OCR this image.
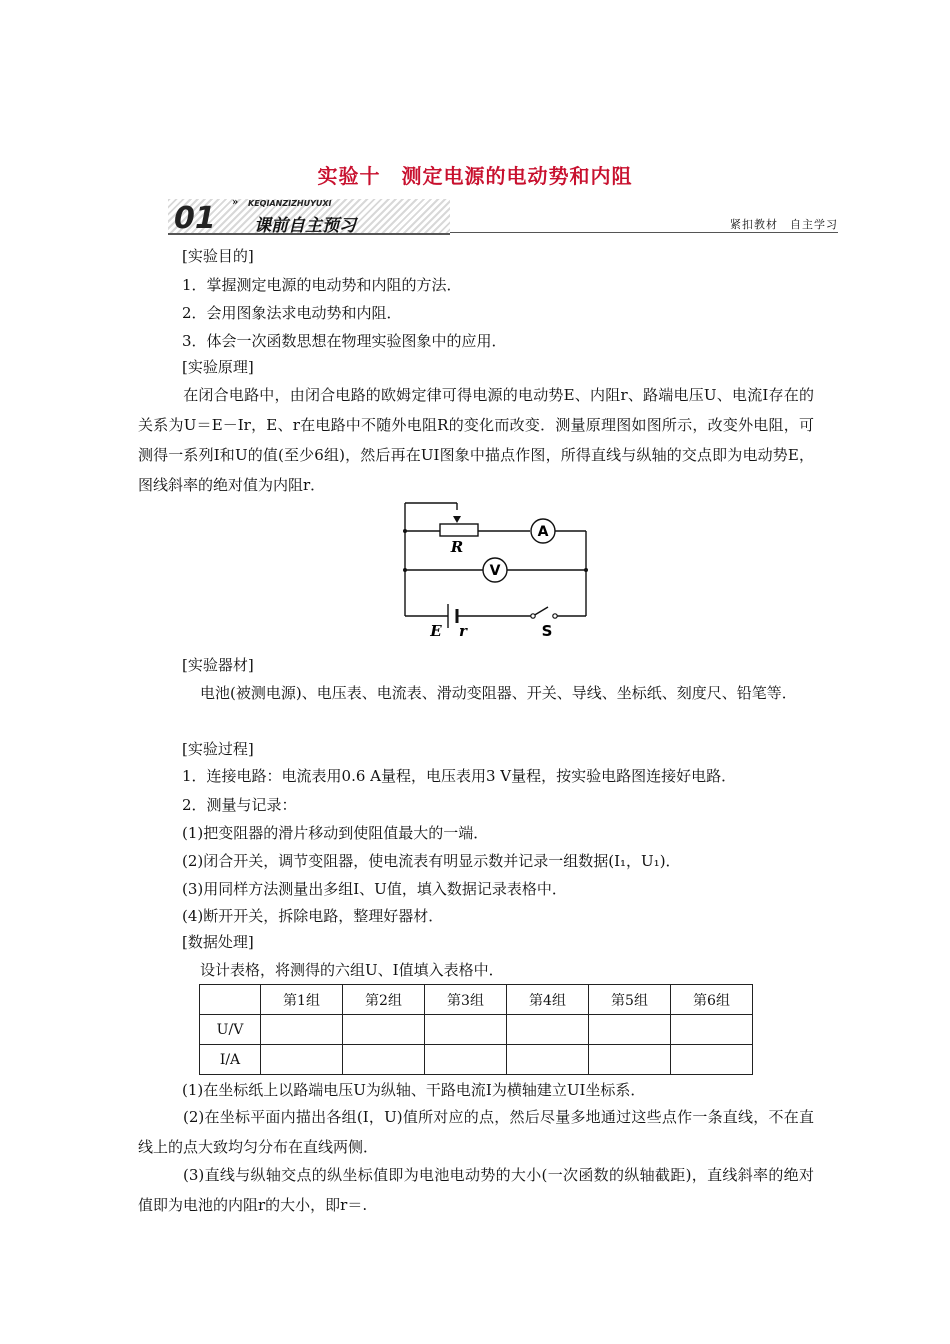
实验十　测定电源的电动势和内阻
01 » KEQIANZIZHUYUXI
课前自主预习	紧扣教材　自主学习
[实验目的]
1．掌握测定电源的电动势和内阻的方法．
2．会用图象法求电动势和内阻．
3．体会一次函数思想在物理实验图象中的应用．
[实验原理]
在闭合电路中，由闭合电路的欧姆定律可得电源的电动势E、内阻r、路端电压U、电流I存在的关系为U＝E－Ir，E、r在电路中不随外电阻R的变化而改变．测量原理图如图所示，改变外电阻，可测得一系列I和U的值(至少6组)，然后再在UI图象中描点作图，所得直线与纵轴的交点即为电动势E，图线斜率的绝对值为内阻r．
A
V
R
E r	S
[实验器材]
电池(被测电源)、电压表、电流表、滑动变阻器、开关、导线、坐标纸、刻度尺、铅笔等．
[实验过程]
1．连接电路：电流表用0.6 A量程，电压表用3 V量程，按实验电路图连接好电路．
2．测量与记录：
(1)把变阻器的滑片移动到使阻值最大的一端．
(2)闭合开关，调节变阻器，使电流表有明显示数并记录一组数据(I₁，U₁)．
(3)用同样方法测量出多组I、U值，填入数据记录表格中．
(4)断开开关，拆除电路，整理好器材．
[数据处理]
设计表格，将测得的六组U、I值填入表格中．
	第1组	第2组	第3组	第4组	第5组	第6组
U/V						
I/A						
(1)在坐标纸上以路端电压U为纵轴、干路电流I为横轴建立UI坐标系．
(2)在坐标平面内描出各组(I，U)值所对应的点，然后尽量多地通过这些点作一条直线，不在直线上的点大致均匀分布在直线两侧．
(3)直线与纵轴交点的纵坐标值即为电池电动势的大小(一次函数的纵轴截距)，直线斜率的绝对值即为电池的内阻r的大小，即r＝.
